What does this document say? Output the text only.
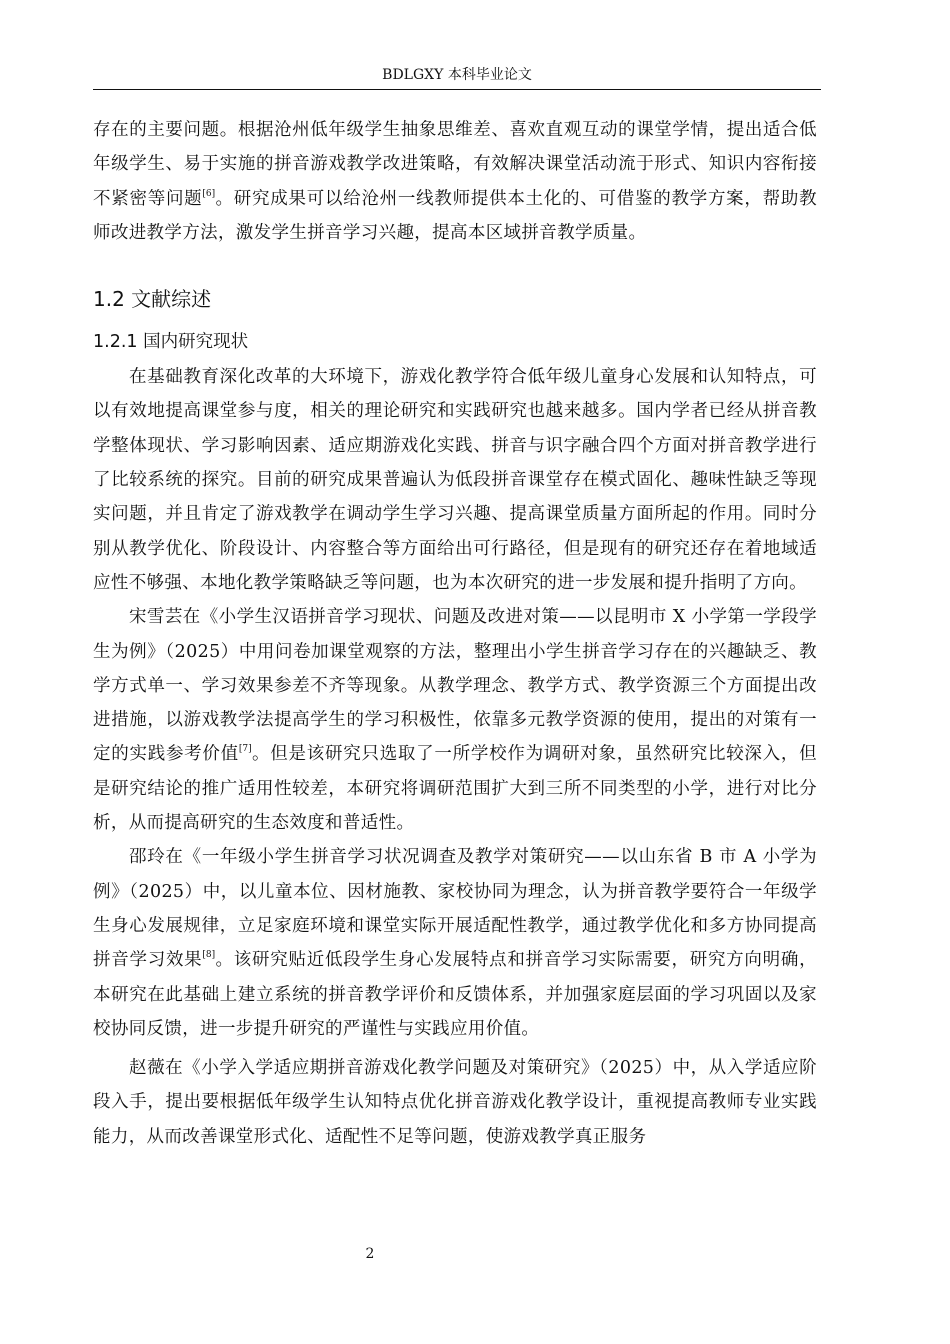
BDLGXY 本科毕业论文

存在的主要问题。根据沧州低年级学生抽象思维差、喜欢直观互动的课堂学情，提出适合低年级学生、易于实施的拼音游戏教学改进策略，有效解决课堂活动流于形式、知识内容衔接不紧密等问题[6]。研究成果可以给沧州一线教师提供本土化的、可借鉴的教学方案，帮助教师改进教学方法，激发学生拼音学习兴趣，提高本区域拼音教学质量。

1.2 文献综述
1.2.1 国内研究现状

在基础教育深化改革的大环境下，游戏化教学符合低年级儿童身心发展和认知特点，可以有效地提高课堂参与度，相关的理论研究和实践研究也越来越多。国内学者已经从拼音教学整体现状、学习影响因素、适应期游戏化实践、拼音与识字融合四个方面对拼音教学进行了比较系统的探究。目前的研究成果普遍认为低段拼音课堂存在模式固化、趣味性缺乏等现实问题，并且肯定了游戏教学在调动学生学习兴趣、提高课堂质量方面所起的作用。同时分别从教学优化、阶段设计、内容整合等方面给出可行路径，但是现有的研究还存在着地域适应性不够强、本地化教学策略缺乏等问题，也为本次研究的进一步发展和提升指明了方向。

宋雪芸在《小学生汉语拼音学习现状、问题及改进对策——以昆明市 X 小学第一学段学生为例》（2025）中用问卷加课堂观察的方法，整理出小学生拼音学习存在的兴趣缺乏、教学方式单一、学习效果参差不齐等现象。从教学理念、教学方式、教学资源三个方面提出改进措施，以游戏教学法提高学生的学习积极性，依靠多元教学资源的使用，提出的对策有一定的实践参考价值[7]。但是该研究只选取了一所学校作为调研对象，虽然研究比较深入，但是研究结论的推广适用性较差，本研究将调研范围扩大到三所不同类型的小学，进行对比分析，从而提高研究的生态效度和普适性。

邵玲在《一年级小学生拼音学习状况调查及教学对策研究——以山东省 B 市 A 小学为例》（2025）中，以儿童本位、因材施教、家校协同为理念，认为拼音教学要符合一年级学生身心发展规律，立足家庭环境和课堂实际开展适配性教学，通过教学优化和多方协同提高拼音学习效果[8]。该研究贴近低段学生身心发展特点和拼音学习实际需要，研究方向明确，本研究在此基础上建立系统的拼音教学评价和反馈体系，并加强家庭层面的学习巩固以及家校协同反馈，进一步提升研究的严谨性与实践应用价值。

赵薇在《小学入学适应期拼音游戏化教学问题及对策研究》（2025）中，从入学适应阶段入手，提出要根据低年级学生认知特点优化拼音游戏化教学设计，重视提高教师专业实践能力，从而改善课堂形式化、适配性不足等问题，使游戏教学真正服务

2
